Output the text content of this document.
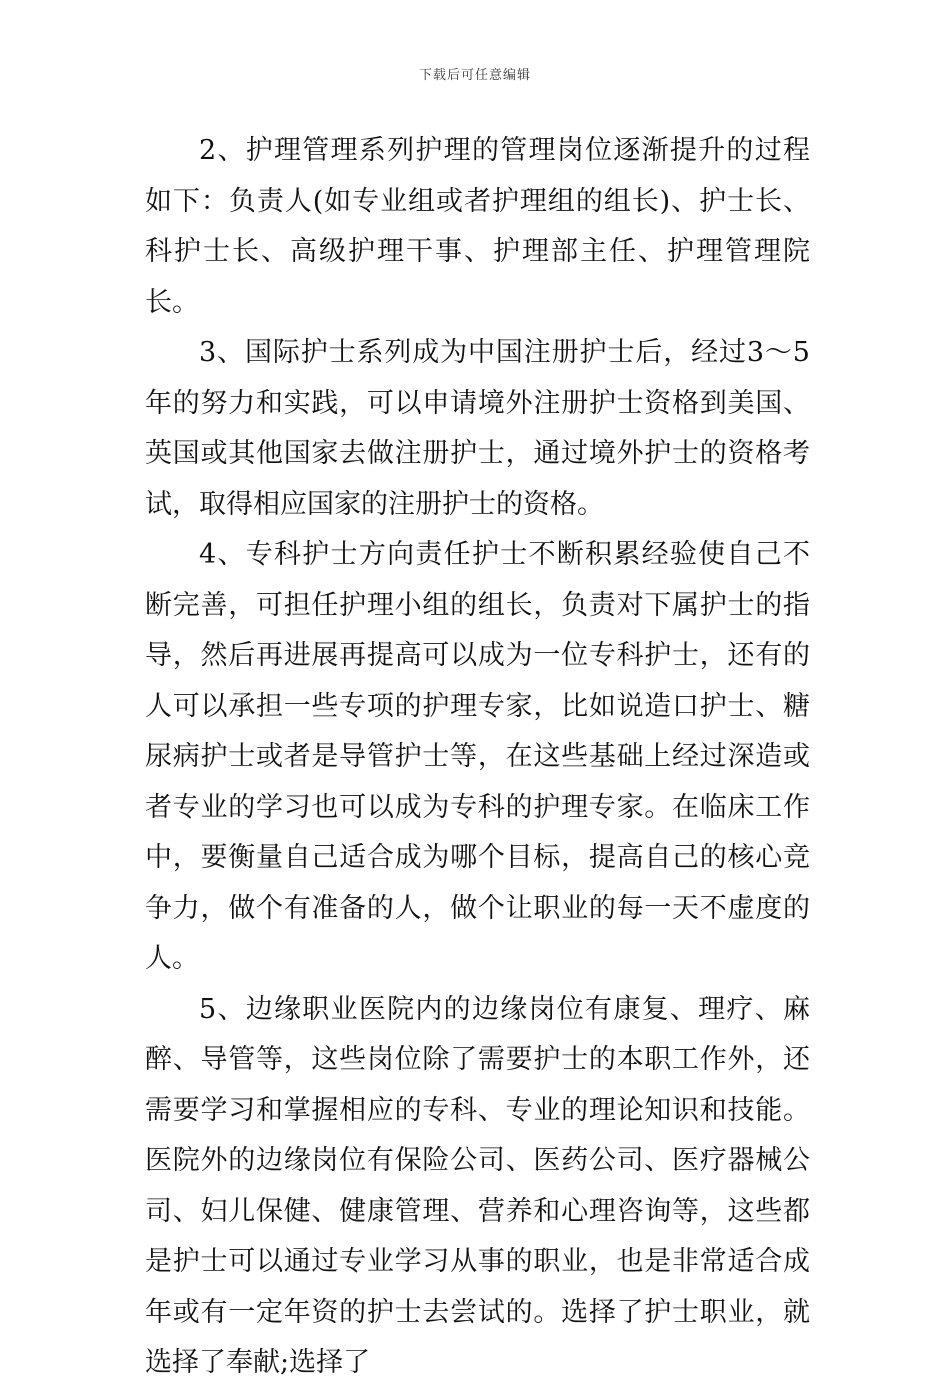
下载后可任意编辑

2、护理管理系列护理的管理岗位逐渐提升的过程如下：负责人(如专业组或者护理组的组长)、护士长、科护士长、高级护理干事、护理部主任、护理管理院长。

3、国际护士系列成为中国注册护士后，经过3～5年的努力和实践，可以申请境外注册护士资格到美国、英国或其他国家去做注册护士，通过境外护士的资格考试，取得相应国家的注册护士的资格。

4、专科护士方向责任护士不断积累经验使自己不断完善，可担任护理小组的组长，负责对下属护士的指导，然后再进展再提高可以成为一位专科护士，还有的人可以承担一些专项的护理专家，比如说造口护士、糖尿病护士或者是导管护士等，在这些基础上经过深造或者专业的学习也可以成为专科的护理专家。在临床工作中，要衡量自己适合成为哪个目标，提高自己的核心竞争力，做个有准备的人，做个让职业的每一天不虚度的人。

5、边缘职业医院内的边缘岗位有康复、理疗、麻醉、导管等，这些岗位除了需要护士的本职工作外，还需要学习和掌握相应的专科、专业的理论知识和技能。医院外的边缘岗位有保险公司、医药公司、医疗器械公司、妇儿保健、健康管理、营养和心理咨询等，这些都是护士可以通过专业学习从事的职业，也是非常适合成年或有一定年资的护士去尝试的。选择了护士职业，就选择了奉献;选择了
